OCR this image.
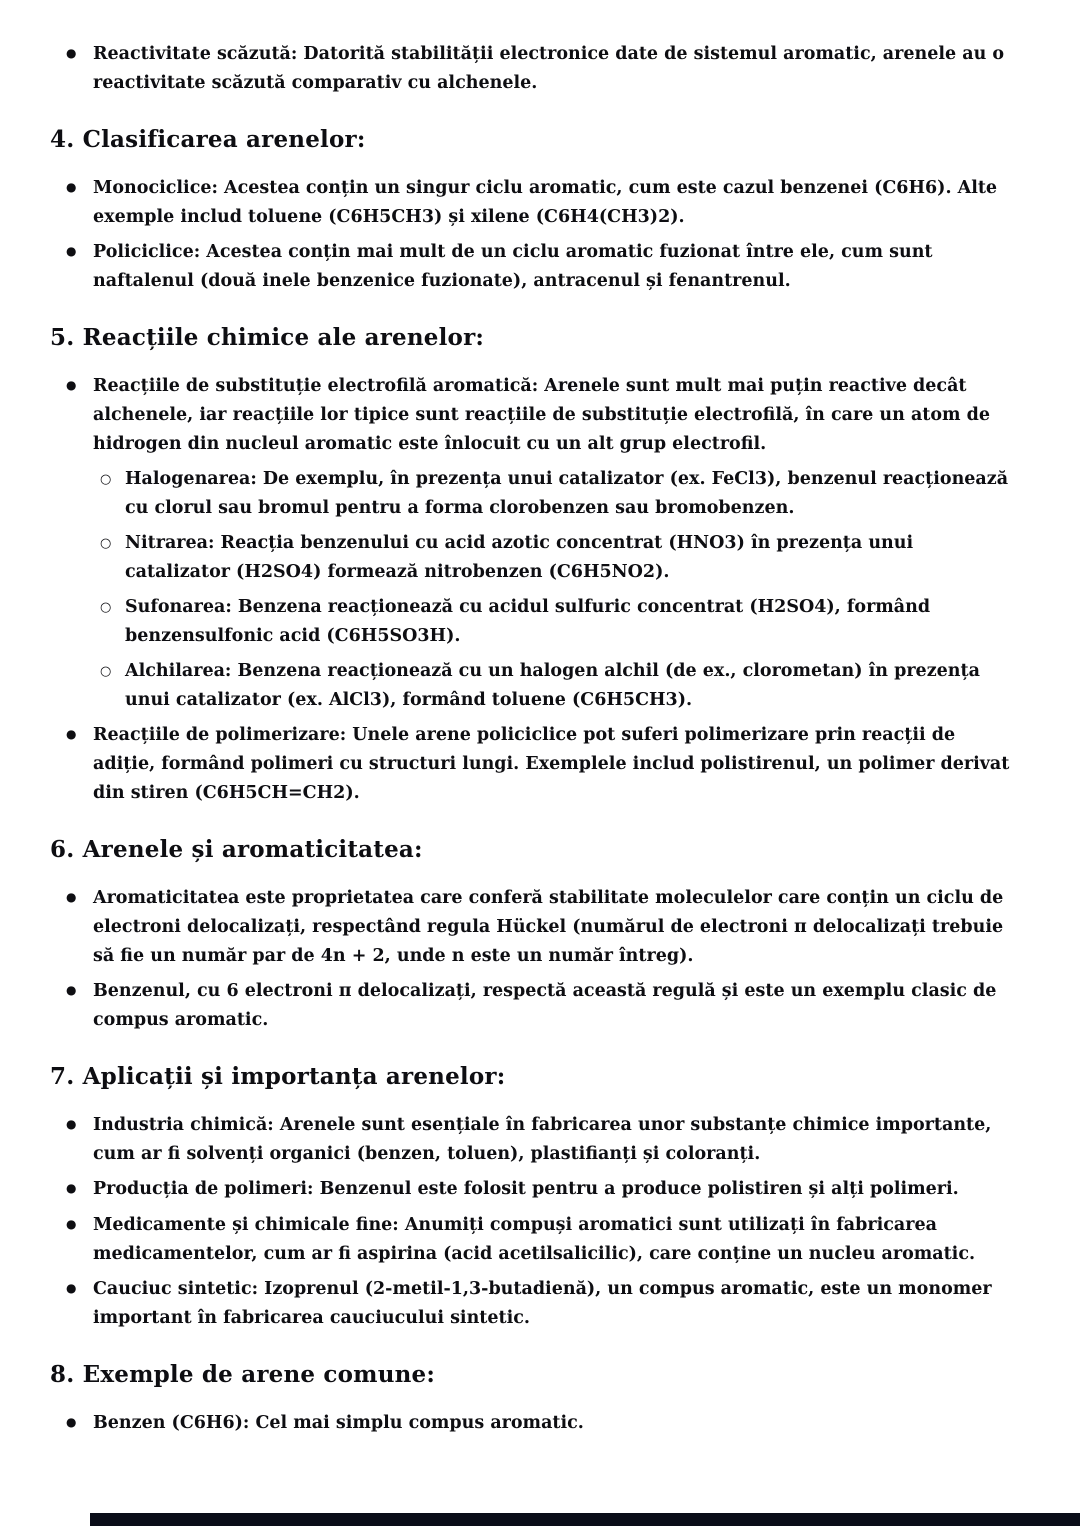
●

Reactivitate scăzută: Datorită stabilității electronice date de sistemul aromatic, arenele au o reactivitate scăzută comparativ cu alchenele.

4. Clasificarea arenelor:
●

Monociclice: Acestea conțin un singur ciclu aromatic, cum este cazul benzenei (C6H6). Alte exemple includ toluene (C6H5CH3) și xilene (C6H4(CH3)2).

●

Policiclice: Acestea conțin mai mult de un ciclu aromatic fuzionat între ele, cum sunt naftalenul (două inele benzenice fuzionate), antracenul și fenantrenul.

5. Reacțiile chimice ale arenelor:
●

Reacțiile de substituție electrofilă aromatică: Arenele sunt mult mai puțin reactive decât alchenele, iar reacțiile lor tipice sunt reacțiile de substituție electrofilă, în care un atom de hidrogen din nucleul aromatic este înlocuit cu un alt grup electrofil.

○

Halogenarea: De exemplu, în prezența unui catalizator (ex. FeCl3), benzenul reacționează cu clorul sau bromul pentru a forma clorobenzen sau bromobenzen.

○

Nitrarea: Reacția benzenului cu acid azotic concentrat (HNO3) în prezența unui catalizator (H2SO4) formează nitrobenzen (C6H5NO2).

○

Sufonarea: Benzena reacționează cu acidul sulfuric concentrat (H2SO4), formând benzensulfonic acid (C6H5SO3H).

○

Alchilarea: Benzena reacționează cu un halogen alchil (de ex., clorometan) în prezența unui catalizator (ex. AlCl3), formând toluene (C6H5CH3).

●

Reacțiile de polimerizare: Unele arene policiclice pot suferi polimerizare prin reacții de adiție, formând polimeri cu structuri lungi. Exemplele includ polistirenul, un polimer derivat din stiren (C6H5CH=CH2).

6. Arenele și aromaticitatea:
●

Aromaticitatea este proprietatea care conferă stabilitate moleculelor care conțin un ciclu de electroni delocalizați, respectând regula Hückel (numărul de electroni π delocalizați trebuie să fie un număr par de 4n + 2, unde n este un număr întreg).

●

Benzenul, cu 6 electroni π delocalizați, respectă această regulă și este un exemplu clasic de compus aromatic.

7. Aplicații și importanța arenelor:
●

Industria chimică: Arenele sunt esențiale în fabricarea unor substanțe chimice importante, cum ar fi solvenți organici (benzen, toluen), plastifianți și coloranți.

●

Producția de polimeri: Benzenul este folosit pentru a produce polistiren și alți polimeri.

●

Medicamente și chimicale fine: Anumiți compuși aromatici sunt utilizați în fabricarea medicamentelor, cum ar fi aspirina (acid acetilsalicilic), care conține un nucleu aromatic.

●

Cauciuc sintetic: Izoprenul (2-metil-1,3-butadienă), un compus aromatic, este un monomer important în fabricarea cauciucului sintetic.

8. Exemple de arene comune:
●

Benzen (C6H6): Cel mai simplu compus aromatic.
